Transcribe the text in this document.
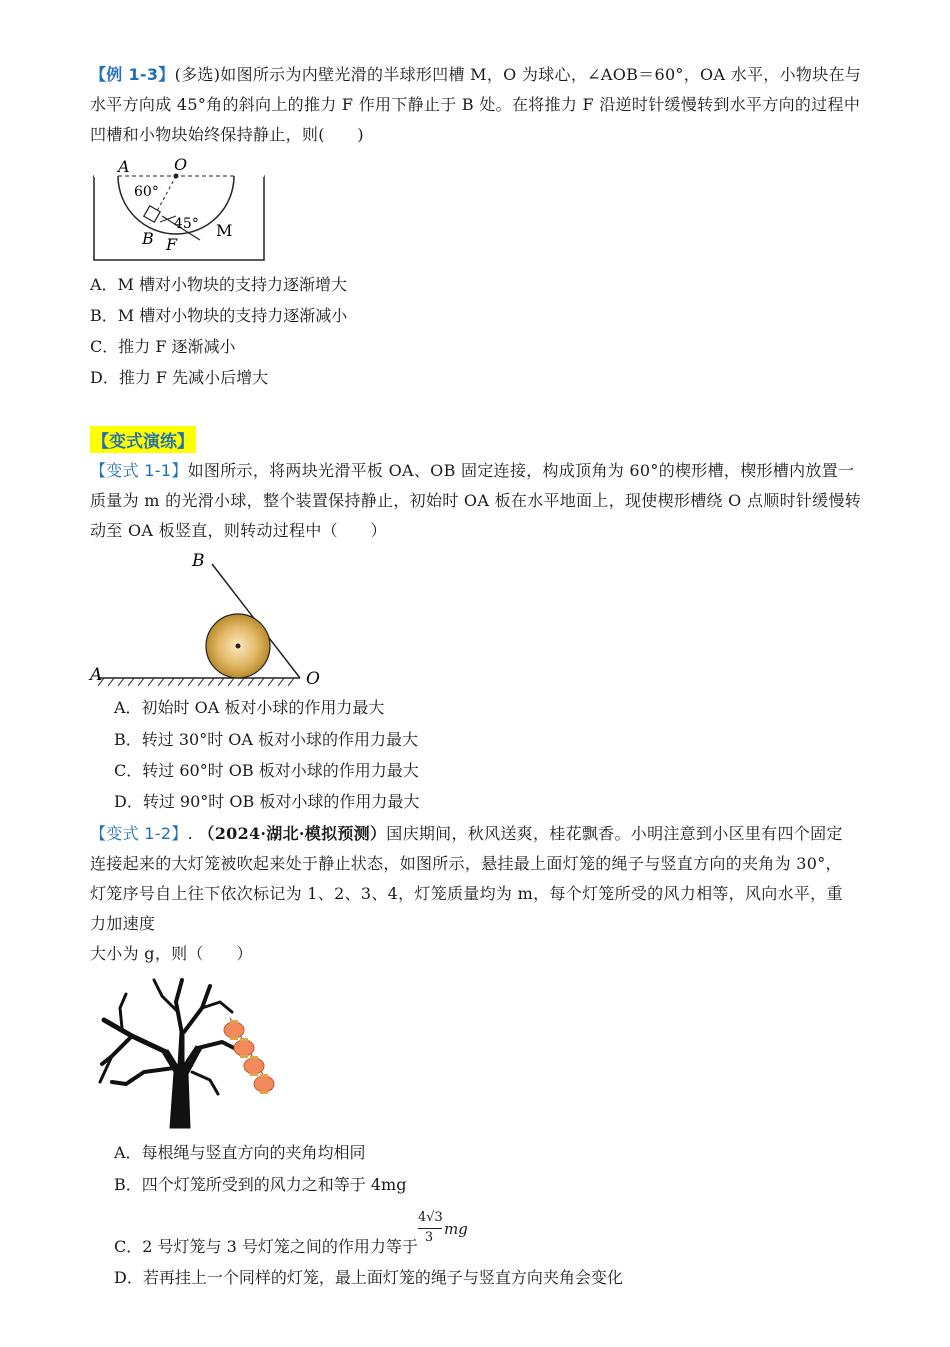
【例 1-3】(多选)如图所示为内壁光滑的半球形凹槽 M，O 为球心，∠AOB＝60°，OA 水平，小物块在与
水平方向成 45°角的斜向上的推力 F 作用下静止于 B 处。在将推力 F 沿逆时针缓慢转到水平方向的过程中
凹槽和小物块始终保持静止，则(　　)
A	O
60°
45°
B F
M
A．M 槽对小物块的支持力逐渐增大
B．M 槽对小物块的支持力逐渐减小
C．推力 F 逐渐减小
D．推力 F 先减小后增大
【变式演练】
【变式 1-1】如图所示，将两块光滑平板 OA、OB 固定连接，构成顶角为 60°的楔形槽，楔形槽内放置一
质量为 m 的光滑小球，整个装置保持静止，初始时 OA 板在水平地面上，现使楔形槽绕 O 点顺时针缓慢转
动至 OA 板竖直，则转动过程中（　　）
A
B
O
A．初始时 OA 板对小球的作用力最大
B．转过 30°时 OA 板对小球的作用力最大
C．转过 60°时 OB 板对小球的作用力最大
D．转过 90°时 OB 板对小球的作用力最大
【变式 1-2】. （2024·湖北·模拟预测）国庆期间，秋风送爽，桂花飘香。小明注意到小区里有四个固定
连接起来的大灯笼被吹起来处于静止状态，如图所示，悬挂最上面灯笼的绳子与竖直方向的夹角为 30°，
灯笼序号自上往下依次标记为 1、2、3、4，灯笼质量均为 m，每个灯笼所受的风力相等，风向水平，重
力加速度
大小为 g，则（　　）
A．每根绳与竖直方向的夹角均相同
B．四个灯笼所受到的风力之和等于 4mg
C．2 号灯笼与 3 号灯笼之间的作用力等于
4√3
3 mg
D．若再挂上一个同样的灯笼，最上面灯笼的绳子与竖直方向夹角会变化
